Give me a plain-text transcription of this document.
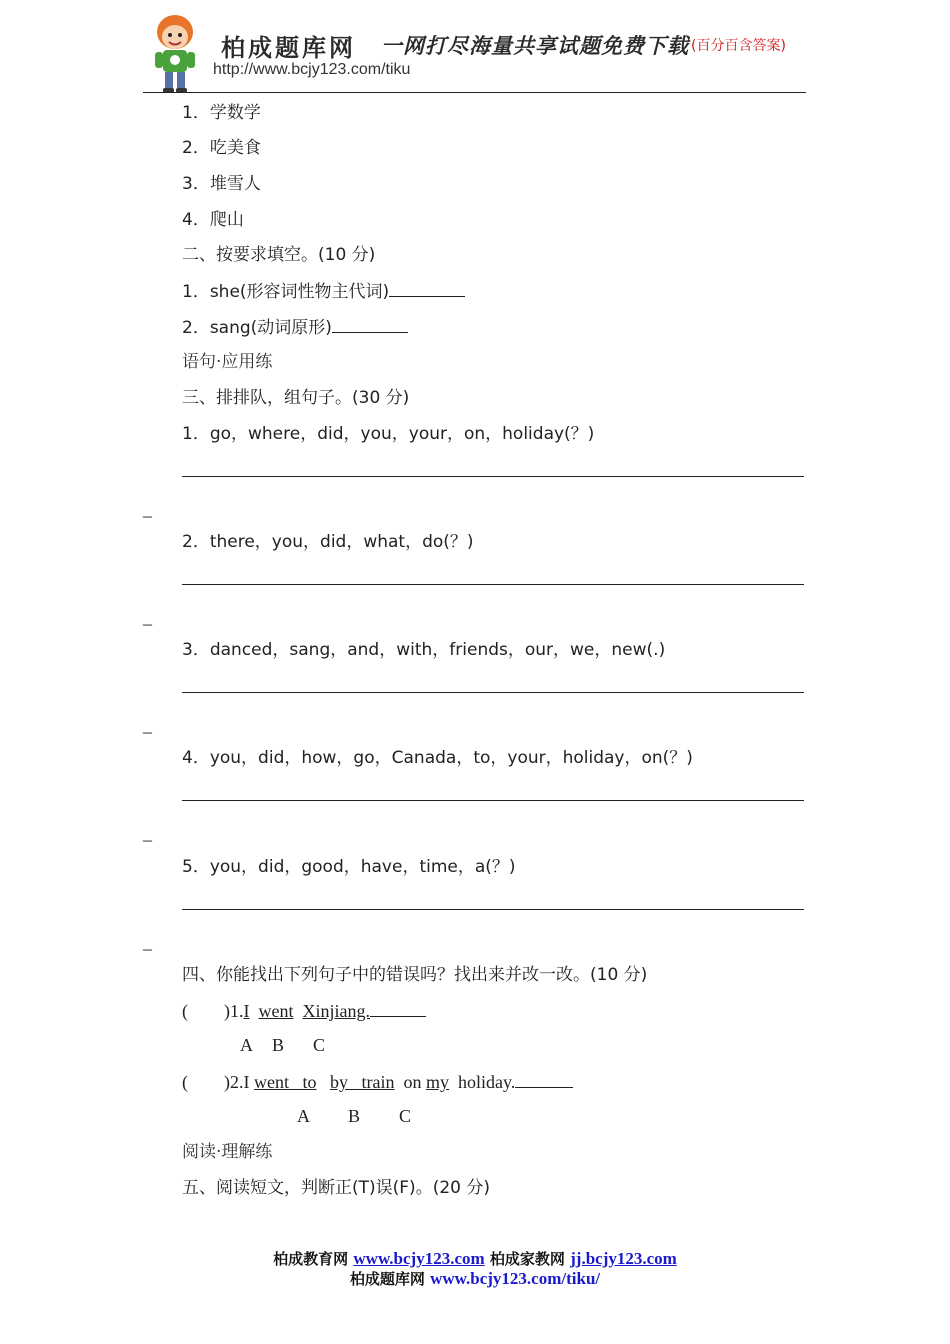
柏成题库网 一网打尽海量共享试题免费下载 (百分百含答案)
http://www.bcjy123.com/tiku
1．学数学
2．吃美食
3．堆雪人
4．爬山
二、按要求填空。(10 分)
1．she(形容词性物主代词)
2．sang(动词原形)
语句·应用练
三、排排队，组句子。(30 分)
1．go，where，did，you，your，on，holiday(？)
_
2．there，you，did，what，do(？)
_
3．danced，sang，and，with，friends，our，we，new(.)
_
4．you，did，how，go，Canada，to，your，holiday，on(？)
_
5．you，did，good，have，time，a(？)
_
四、你能找出下列句子中的错误吗？找出来并改一改。(10 分)
(　　)1.I went Xinjiang.
A B C
(　　)2.I went to by train on my holiday.
A B C
阅读·理解练
五、阅读短文，判断正(T)误(F)。(20 分)
柏成教育网 www.bcjy123.com 柏成家教网 jj.bcjy123.com
柏成题库网 www.bcjy123.com/tiku/
